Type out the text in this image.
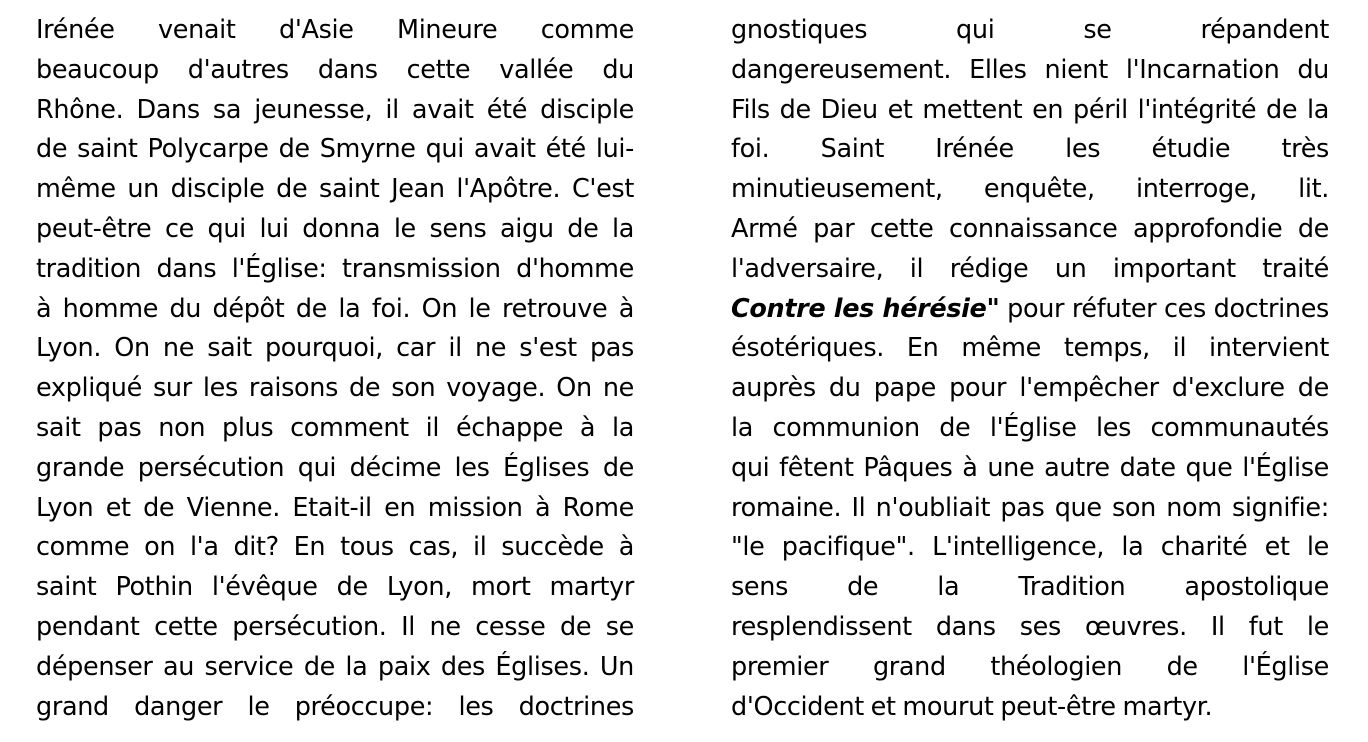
Irénée venait d'Asie Mineure comme
beaucoup d'autres dans cette vallée du
Rhône. Dans sa jeunesse, il avait été disciple
de saint Polycarpe de Smyrne qui avait été lui-
même un disciple de saint Jean l'Apôtre. C'est
peut-être ce qui lui donna le sens aigu de la
tradition dans l'Église: transmission d'homme
à homme du dépôt de la foi. On le retrouve à
Lyon. On ne sait pourquoi, car il ne s'est pas
expliqué sur les raisons de son voyage. On ne
sait pas non plus comment il échappe à la
grande persécution qui décime les Églises de
Lyon et de Vienne. Etait-il en mission à Rome
comme on l'a dit? En tous cas, il succède à
saint Pothin l'évêque de Lyon, mort martyr
pendant cette persécution. Il ne cesse de se
dépenser au service de la paix des Églises. Un
grand danger le préoccupe: les doctrines
gnostiques qui se répandent
dangereusement. Elles nient l'Incarnation du
Fils de Dieu et mettent en péril l'intégrité de la
foi. Saint Irénée les étudie très
minutieusement, enquête, interroge, lit.
Armé par cette connaissance approfondie de
l'adversaire, il rédige un important traité
Contre les hérésie" pour réfuter ces doctrines
ésotériques. En même temps, il intervient
auprès du pape pour l'empêcher d'exclure de
la communion de l'Église les communautés
qui fêtent Pâques à une autre date que l'Église
romaine. Il n'oubliait pas que son nom signifie:
"le pacifique". L'intelligence, la charité et le
sens de la Tradition apostolique
resplendissent dans ses œuvres. Il fut le
premier grand théologien de l'Église
d'Occident et mourut peut-être martyr.
